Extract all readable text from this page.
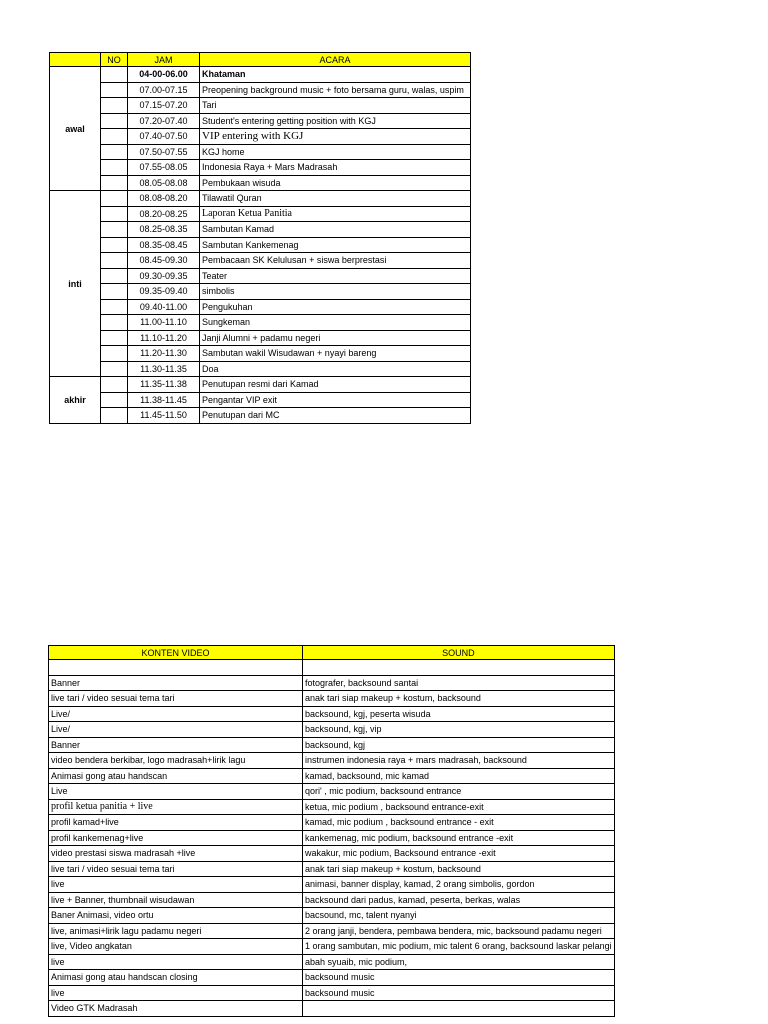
	NO	JAM	ACARA
awal		04-00-06.00	Khataman
		07.00-07.15	Preopening background music + foto bersama guru, walas, uspim
		07.15-07.20	Tari
		07.20-07.40	Student's entering getting position with KGJ
		07.40-07.50	VIP entering with KGJ
		07.50-07.55	KGJ home
		07.55-08.05	Indonesia Raya + Mars Madrasah
		08.05-08.08	Pembukaan wisuda
inti		08.08-08.20	Tilawatil Quran
		08.20-08.25	Laporan Ketua Panitia
		08.25-08.35	Sambutan Kamad
		08.35-08.45	Sambutan Kankemenag
		08.45-09.30	Pembacaan SK Kelulusan + siswa berprestasi
		09.30-09.35	Teater
		09.35-09.40	simbolis
		09.40-11.00	Pengukuhan
		11.00-11.10	Sungkeman
		11.10-11.20	Janji Alumni + padamu negeri
		11.20-11.30	Sambutan wakil Wisudawan + nyayi bareng
		11.30-11.35	Doa
akhir		11.35-11.38	Penutupan resmi dari Kamad
		11.38-11.45	Pengantar VIP exit
		11.45-11.50	Penutupan dari MC
KONTEN VIDEO	SOUND

Banner	fotografer, backsound santai
live tari / video sesuai tema tari	anak tari siap makeup + kostum, backsound
Live/	backsound, kgj, peserta wisuda
Live/	backsound, kgj, vip
Banner	backsound, kgj
video bendera berkibar, logo madrasah+lirik lagu	instrumen indonesia raya + mars madrasah, backsound
Animasi gong atau handscan	kamad, backsound, mic kamad
Live	qori' , mic podium, backsound entrance
profil ketua panitia + live	ketua, mic podium , backsound entrance-exit
profil kamad+live	kamad, mic podium , backsound entrance - exit
profil kankemenag+live	kankemenag, mic podium, backsound entrance -exit
video prestasi siswa madrasah +live	wakakur, mic podium, Backsound entrance -exit
live tari / video sesuai tema tari	anak tari siap makeup + kostum, backsound
live	animasi, banner display, kamad, 2 orang simbolis, gordon
live + Banner, thumbnail wisudawan	backsound dari padus, kamad, peserta, berkas, walas
Baner Animasi, video ortu	bacsound, mc, talent nyanyi
live, animasi+lirik lagu padamu negeri	2 orang janji, bendera, pembawa bendera, mic, backsound padamu negeri
live, Video angkatan	1 orang sambutan, mic podium, mic talent 6 orang, backsound laskar pelangi
live	abah syuaib, mic podium,
Animasi gong atau handscan closing	backsound music
live	backsound music
Video GTK Madrasah	
